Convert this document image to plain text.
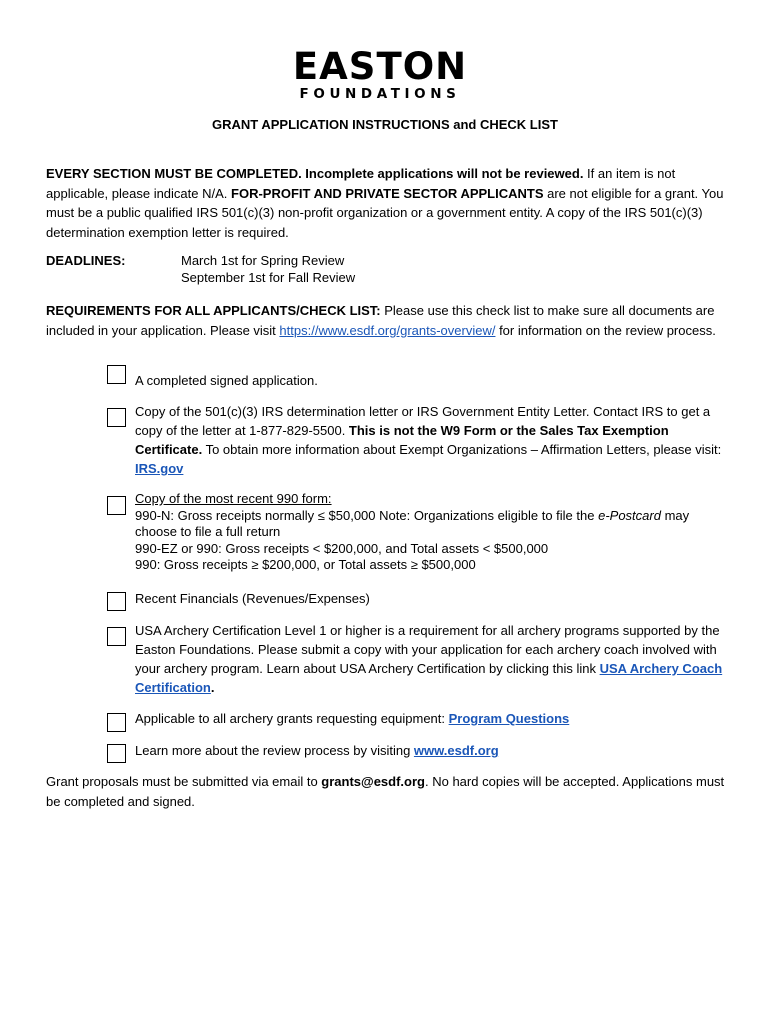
EASTON
FOUNDATIONS
GRANT APPLICATION INSTRUCTIONS and CHECK LIST
EVERY SECTION MUST BE COMPLETED. Incomplete applications will not be reviewed. If an item is not applicable, please indicate N/A. FOR-PROFIT AND PRIVATE SECTOR APPLICANTS are not eligible for a grant. You must be a public qualified IRS 501(c)(3) non-profit organization or a government entity. A copy of the IRS 501(c)(3) determination exemption letter is required.
DEADLINES:	March 1st for Spring Review
September 1st for Fall Review
REQUIREMENTS FOR ALL APPLICANTS/CHECK LIST: Please use this check list to make sure all documents are included in your application. Please visit https://www.esdf.org/grants-overview/ for information on the review process.
A completed signed application.
Copy of the 501(c)(3) IRS determination letter or IRS Government Entity Letter. Contact IRS to get a copy of the letter at 1-877-829-5500. This is not the W9 Form or the Sales Tax Exemption Certificate. To obtain more information about Exempt Organizations – Affirmation Letters, please visit: IRS.gov
Copy of the most recent 990 form:
990-N: Gross receipts normally ≤ $50,000 Note: Organizations eligible to file the e-Postcard may choose to file a full return
990-EZ or 990: Gross receipts < $200,000, and Total assets < $500,000
990: Gross receipts ≥ $200,000, or Total assets ≥ $500,000
Recent Financials (Revenues/Expenses)
USA Archery Certification Level 1 or higher is a requirement for all archery programs supported by the Easton Foundations. Please submit a copy with your application for each archery coach involved with your archery program. Learn about USA Archery Certification by clicking this link USA Archery Coach Certification.
Applicable to all archery grants requesting equipment: Program Questions
Learn more about the review process by visiting www.esdf.org
Grant proposals must be submitted via email to grants@esdf.org. No hard copies will be accepted. Applications must be completed and signed.
